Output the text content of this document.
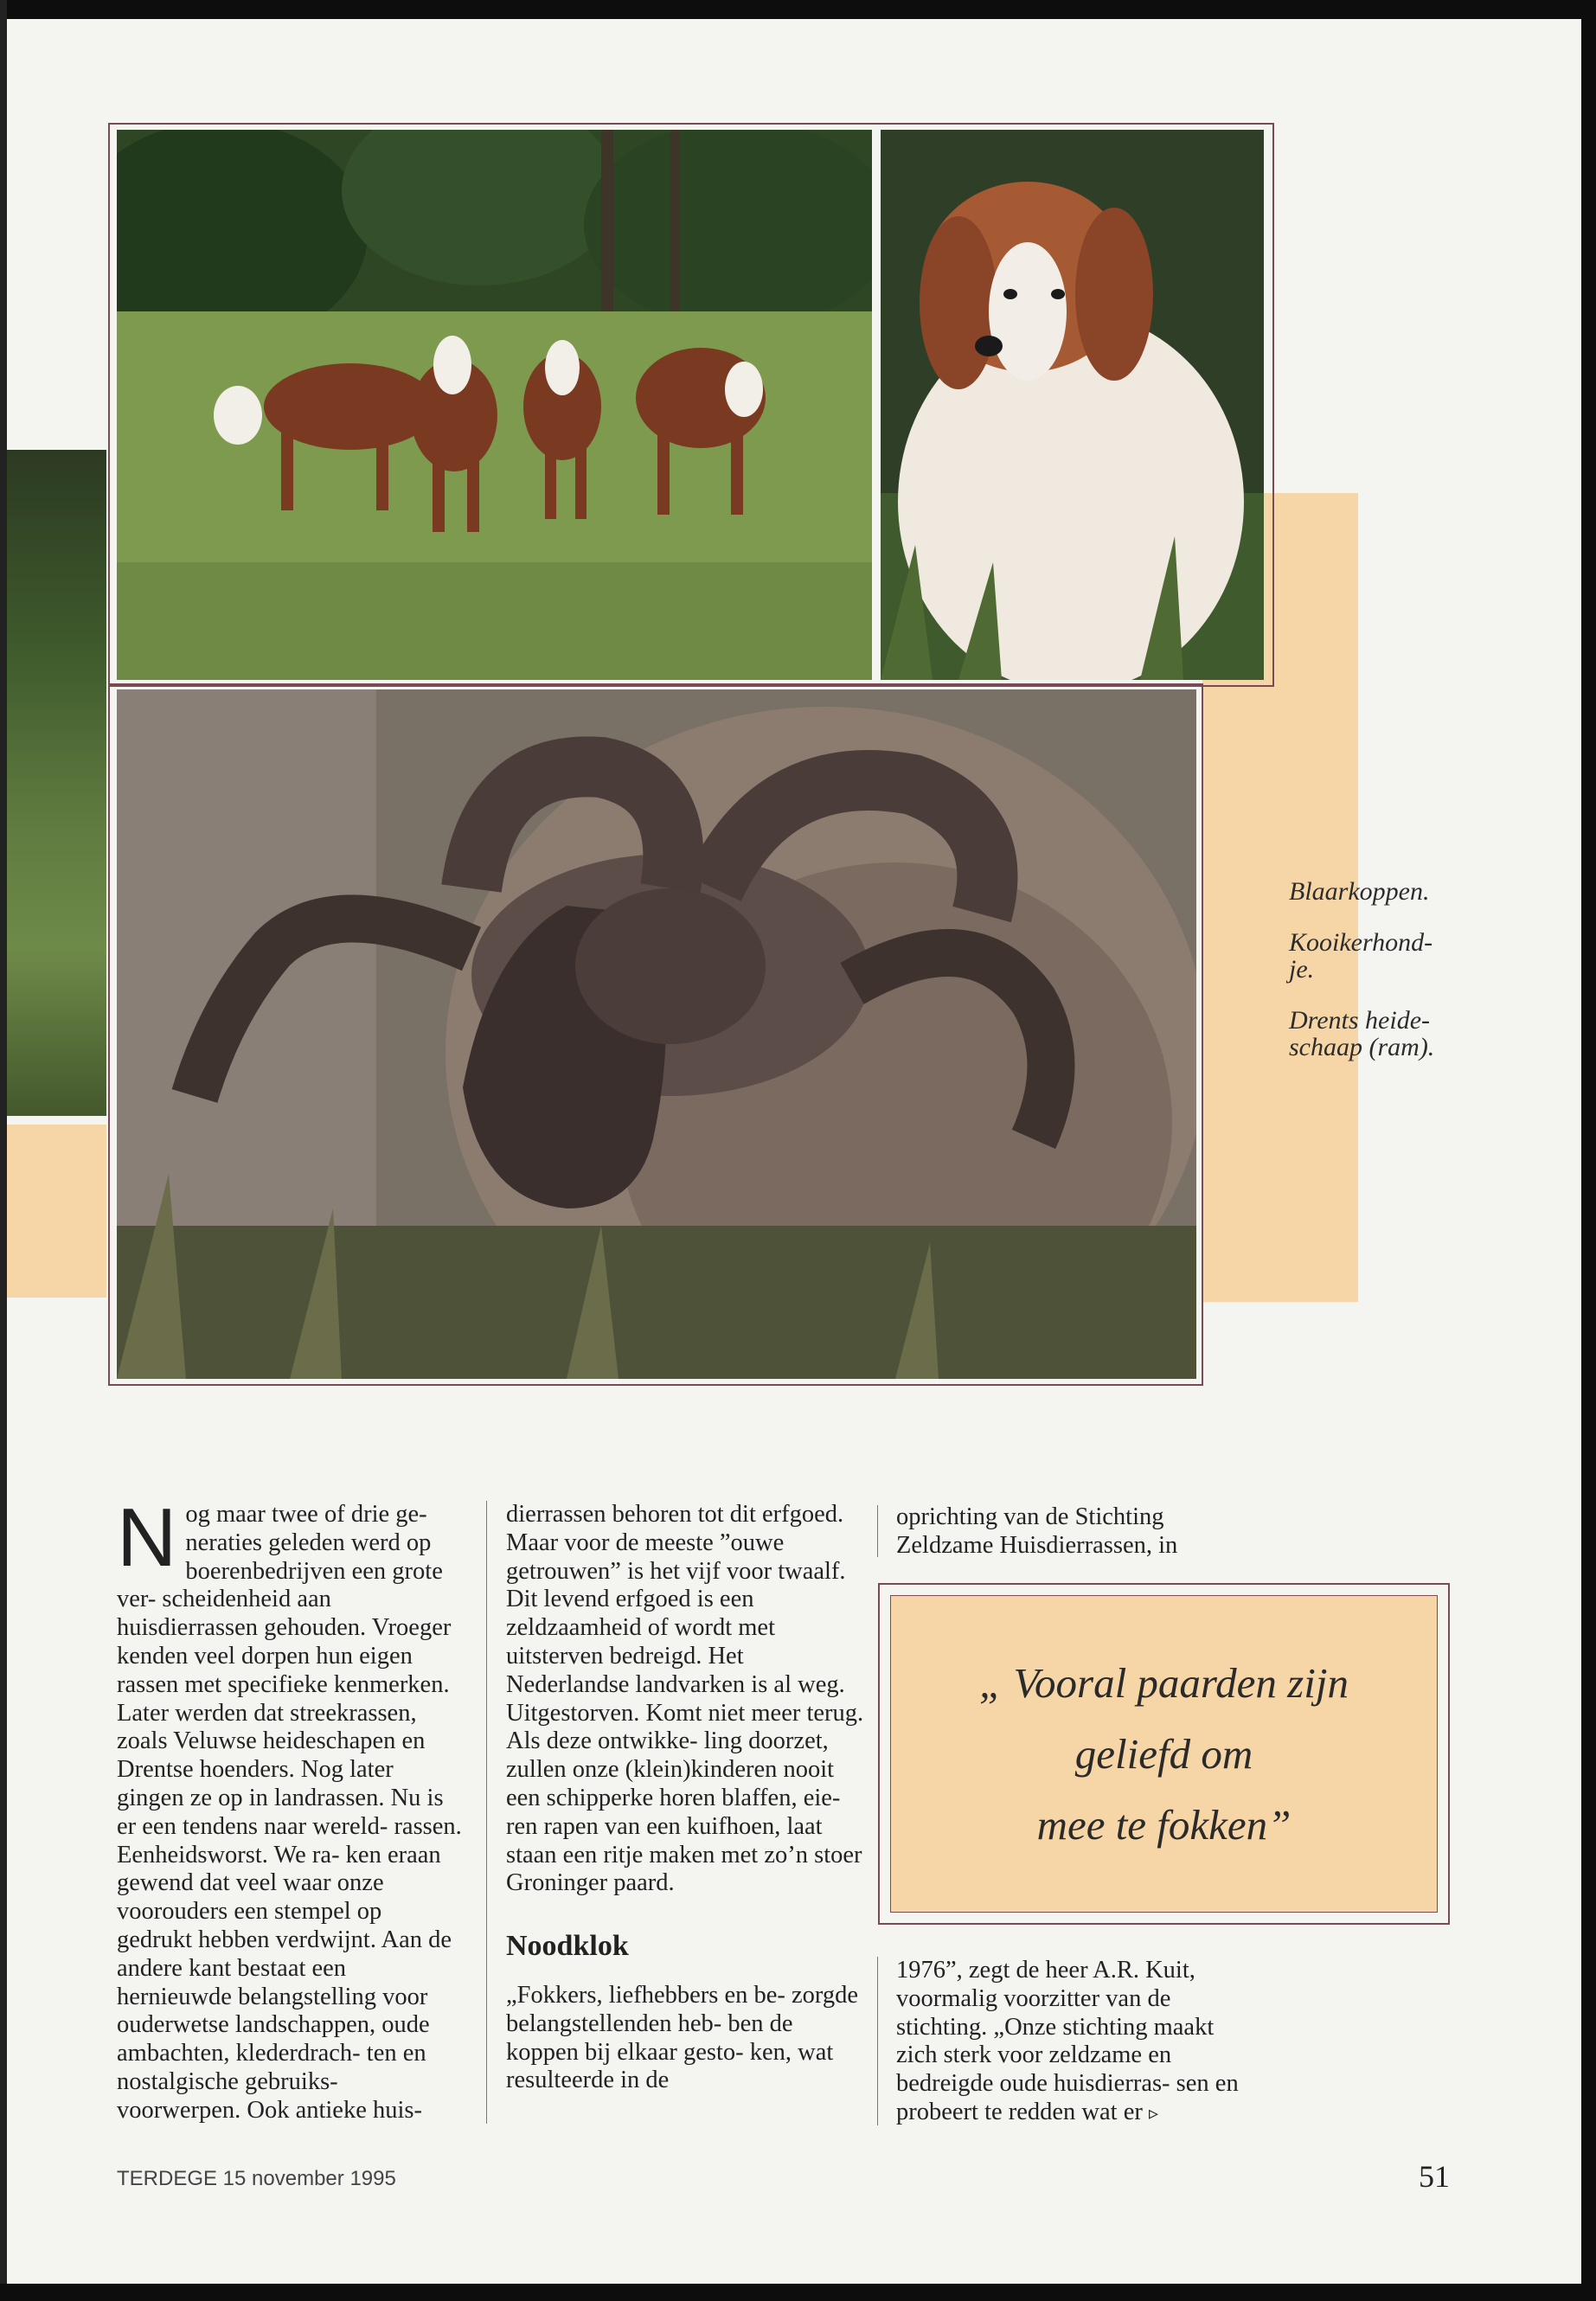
Blaarkoppen.

Kooikerhond-
je.

Drents heide-
schaap (ram).

N og maar twee of drie ge- neraties geleden werd op

boerenbedrijven een grote ver- scheidenheid aan huisdierrassen gehouden. Vroeger kenden veel dorpen hun eigen rassen met specifieke kenmerken. Later werden dat streekrassen, zoals Veluwse heideschapen en Drentse hoenders. Nog later gingen ze op in landrassen. Nu is er een tendens naar wereld- rassen. Eenheidsworst. We ra- ken eraan gewend dat veel waar onze voorouders een stempel op gedrukt hebben verdwijnt. Aan de andere kant bestaat een hernieuwde belangstelling voor ouderwetse landschappen, oude ambachten, klederdrach- ten en nostalgische gebruiks- voorwerpen. Ook antieke huis-

dierrassen behoren tot dit erfgoed. Maar voor de meeste ”ouwe getrouwen” is het vijf voor twaalf. Dit levend erfgoed is een zeldzaamheid of wordt met uitsterven bedreigd. Het Nederlandse landvarken is al weg. Uitgestorven. Komt niet meer terug. Als deze ontwikke- ling doorzet, zullen onze (klein)kinderen nooit een schipperke horen blaffen, eie- ren rapen van een kuifhoen, laat staan een ritje maken met zo’n stoer Groninger paard.

Noodklok

„Fokkers, liefhebbers en be- zorgde belangstellenden heb- ben de koppen bij elkaar gesto- ken, wat resulteerde in de

oprichting van de Stichting Zeldzame Huisdierrassen, in

„ Vooral paarden zijn
geliefd om
mee te fokken”

1976”, zegt de heer A.R. Kuit, voormalig voorzitter van de stichting. „Onze stichting maakt zich sterk voor zeldzame en bedreigde oude huisdierras- sen en probeert te redden wat er ▹

TERDEGE 15 november 1995	51
